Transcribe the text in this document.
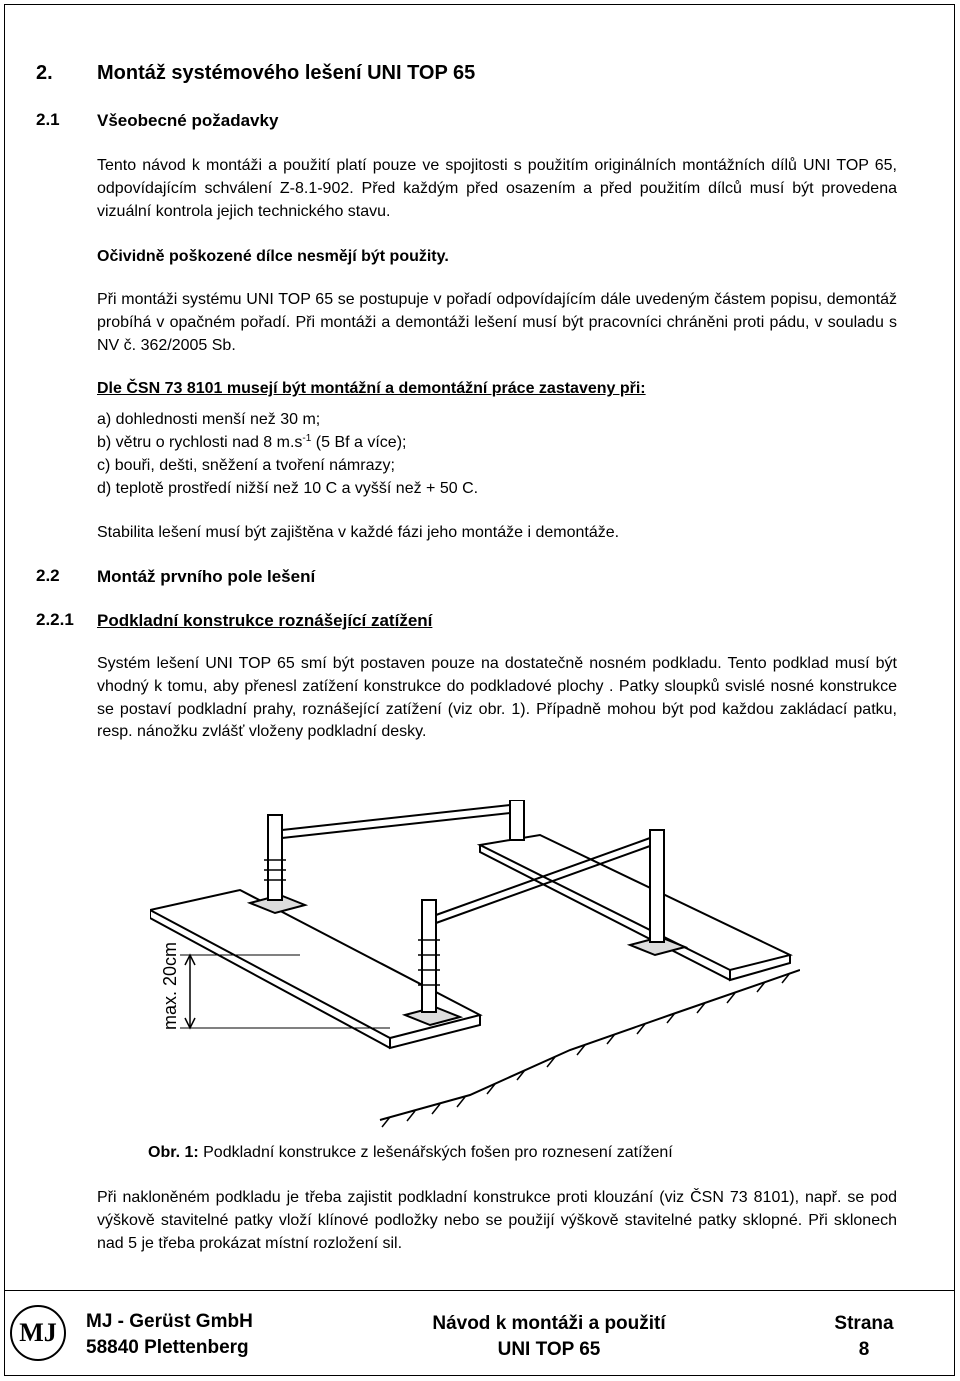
2. Montáž systémového lešení UNI TOP 65
2.1 Všeobecné požadavky
Tento návod k montáži a použití platí pouze ve spojitosti s použitím originálních montážních dílů UNI TOP 65, odpovídajícím schválení Z-8.1-902. Před každým před osazením a před použitím dílců musí být provedena vizuální kontrola jejich technického stavu.
Očividně poškozené dílce nesmějí být použity.
Při montáži systému UNI TOP 65 se postupuje v pořadí odpovídajícím dále uvedeným částem popisu, demontáž probíhá v opačném pořadí. Při montáži a demontáži lešení musí být pracovníci chráněni proti pádu, v souladu s NV č. 362/2005 Sb.
Dle ČSN 73 8101 musejí být montážní a demontážní práce zastaveny při:
a) dohlednosti menší než 30 m;
b) větru o rychlosti nad 8 $m.s^{-1}$ (5 Bf a více);
c) bouři, dešti, sněžení a tvoření námrazy;
d) teplotě prostředí nižší než 10 C a vyšší než + 50 C.
Stabilita lešení musí být zajištěna v každé fázi jeho montáže i demontáže.
2.2 Montáž prvního pole lešení
2.2.1 Podkladní konstrukce roznášející zatížení
Systém lešení UNI TOP 65 smí být postaven pouze na dostatečně nosném podkladu. Tento podklad musí být vhodný k tomu, aby přenesl zatížení konstrukce do podkladové plochy . Patky sloupků svislé nosné konstrukce se postaví podkladní prahy, roznášející zatížení (viz obr. 1). Případně mohou být pod každou zakládací patku, resp. nánožku zvlášť vloženy podkladní desky.
max. 20cm
Obr. 1: Podkladní konstrukce z lešenářských fošen pro roznesení zatížení
Při nakloněném podkladu je třeba zajistit podkladní konstrukce proti klouzání (viz ČSN 73 8101), např. se pod výškově stavitelné patky vloží klínové podložky nebo se použijí výškově stavitelné patky sklopné. Při sklonech nad 5 je třeba prokázat místní rozložení sil.
MJ	MJ - Gerüst GmbH
58840 Plettenberg
Návod k montáži a použití
UNI TOP 65
Strana
8
